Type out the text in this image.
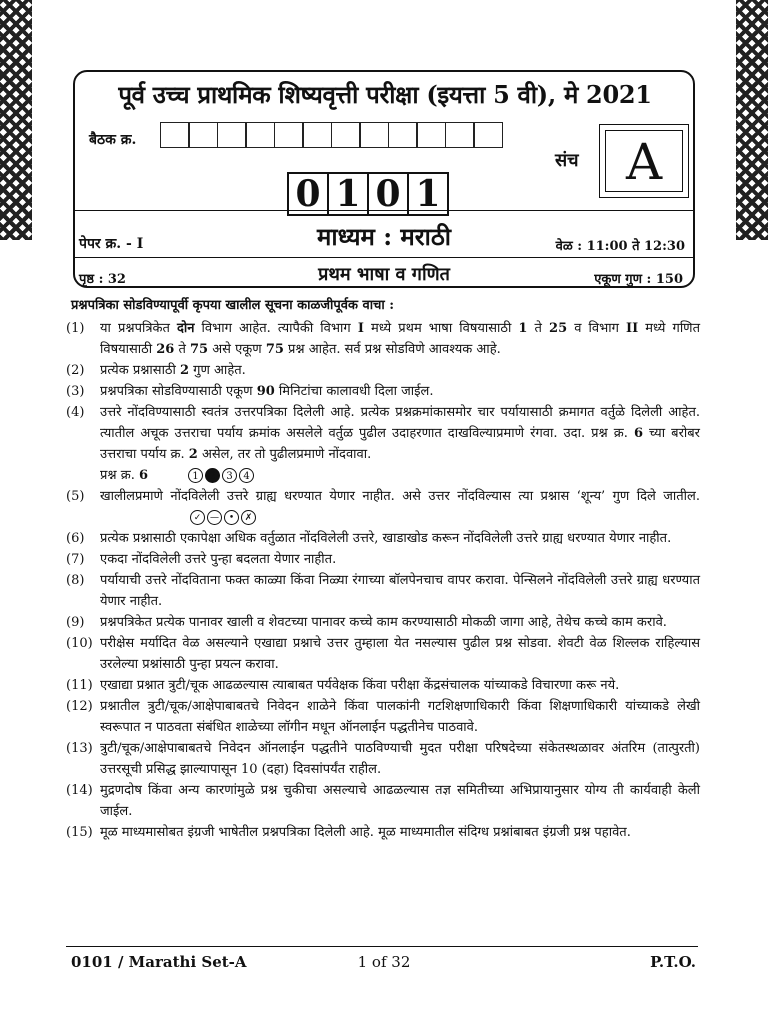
पूर्व उच्च प्राथमिक शिष्यवृत्ती परीक्षा (इयत्ता 5 वी), मे 2021
बैठक क्र.
0 1 0 1
संच A
पेपर क्र. - I	माध्यम : मराठी	वेळ : 11:00 ते 12:30
पृष्ठ : 32	प्रथम भाषा व गणित	एकूण गुण : 150
प्रश्नपत्रिका सोडविण्यापूर्वी कृपया खालील सूचना काळजीपूर्वक वाचा :
(1) या प्रश्नपत्रिकेत दोन विभाग आहेत. त्यापैकी विभाग I मध्ये प्रथम भाषा विषयासाठी 1 ते 25 व विभाग II मध्ये गणित विषयासाठी 26 ते 75 असे एकूण 75 प्रश्न आहेत. सर्व प्रश्न सोडविणे आवश्यक आहे.
(2) प्रत्येक प्रश्नासाठी 2 गुण आहेत.
(3) प्रश्नपत्रिका सोडविण्यासाठी एकूण 90 मिनिटांचा कालावधी दिला जाईल.
(4) उत्तरे नोंदविण्यासाठी स्वतंत्र उत्तरपत्रिका दिलेली आहे. प्रत्येक प्रश्नक्रमांकासमोर चार पर्यायासाठी क्रमागत वर्तुळे दिलेली आहेत. त्यातील अचूक उत्तराचा पर्याय क्रमांक असलेले वर्तुळ पुढील उदाहरणात दाखविल्याप्रमाणे रंगवा. उदा. प्रश्न क्र. 6 च्या बरोबर उत्तराचा पर्याय क्र. 2 असेल, तर तो पुढीलप्रमाणे नोंदवावा.
प्रश्न क्र. 6	1	2	3	4
(5) खालीलप्रमाणे नोंदविलेली उत्तरे ग्राह्य धरण्यात येणार नाहीत. असे उत्तर नोंदविल्यास त्या प्रश्नास ‘शून्य’ गुण दिले जातील.
✓ —	•	✗
(6) प्रत्येक प्रश्नासाठी एकापेक्षा अधिक वर्तुळात नोंदविलेली उत्तरे, खाडाखोड करून नोंदविलेली उत्तरे ग्राह्य धरण्यात येणार नाहीत.
(7) एकदा नोंदविलेली उत्तरे पुन्हा बदलता येणार नाहीत.
(8) पर्यायाची उत्तरे नोंदविताना फक्त काळ्या किंवा निळ्या रंगाच्या बॉलपेनचाच वापर करावा. पेन्सिलने नोंदविलेली उत्तरे ग्राह्य धरण्यात येणार नाहीत.
(9) प्रश्नपत्रिकेत प्रत्येक पानावर खाली व शेवटच्या पानावर कच्चे काम करण्यासाठी मोकळी जागा आहे, तेथेच कच्चे काम करावे.
(10) परीक्षेस मर्यादित वेळ असल्याने एखाद्या प्रश्नाचे उत्तर तुम्हाला येत नसल्यास पुढील प्रश्न सोडवा. शेवटी वेळ शिल्लक राहिल्यास उरलेल्या प्रश्नांसाठी पुन्हा प्रयत्न करावा.
(11) एखाद्या प्रश्नात त्रुटी/चूक आढळल्यास त्याबाबत पर्यवेक्षक किंवा परीक्षा केंद्रसंचालक यांच्याकडे विचारणा करू नये.
(12) प्रश्नातील त्रुटी/चूक/आक्षेपाबाबतचे निवेदन शाळेने किंवा पालकांनी गटशिक्षणाधिकारी किंवा शिक्षणाधिकारी यांच्याकडे लेखी स्वरूपात न पाठवता संबंधित शाळेच्या लॉगीन मधून ऑनलाईन पद्धतीनेच पाठवावे.
(13) त्रुटी/चूक/आक्षेपाबाबतचे निवेदन ऑनलाईन पद्धतीने पाठविण्याची मुदत परीक्षा परिषदेच्या संकेतस्थळावर अंतरिम (तात्पुरती) उत्तरसूची प्रसिद्ध झाल्यापासून 10 (दहा) दिवसांपर्यंत राहील.
(14) मुद्रणदोष किंवा अन्य कारणांमुळे प्रश्न चुकीचा असल्याचे आढळल्यास तज्ञ समितीच्या अभिप्रायानुसार योग्य ती कार्यवाही केली जाईल.
(15) मूळ माध्यमासोबत इंग्रजी भाषेतील प्रश्नपत्रिका दिलेली आहे. मूळ माध्यमातील संदिग्ध प्रश्नांबाबत इंग्रजी प्रश्न पहावेत.
0101 / Marathi Set-A	1 of 32	P.T.O.
